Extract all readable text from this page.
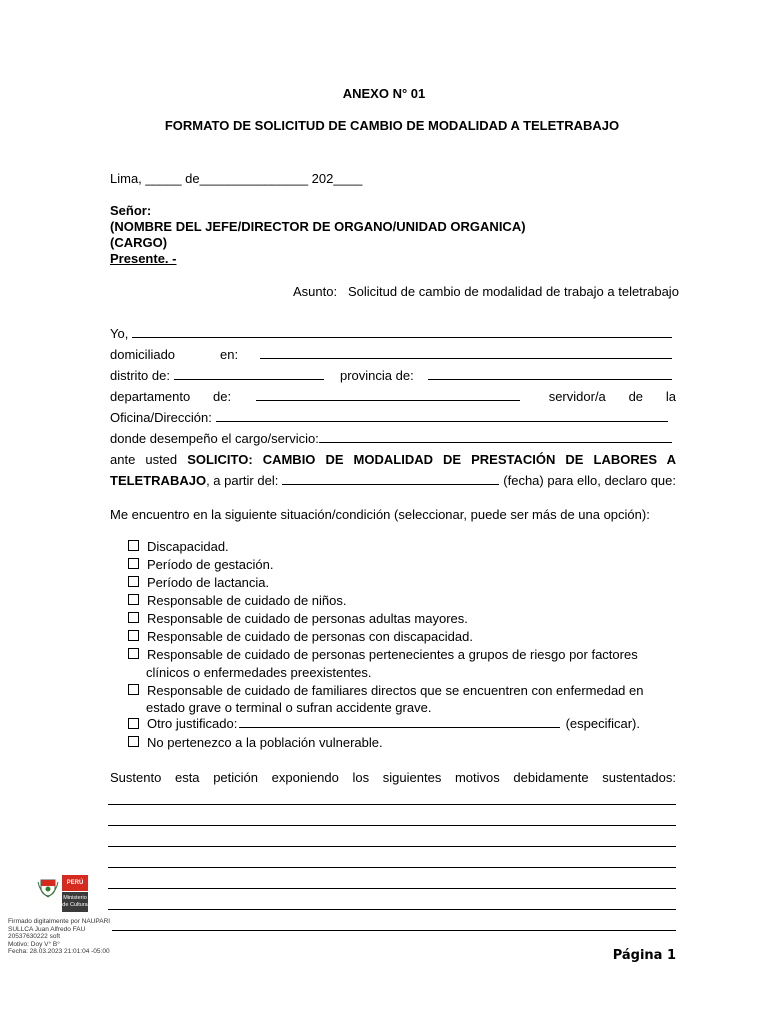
ANEXO N° 01
FORMATO DE SOLICITUD DE CAMBIO DE MODALIDAD A TELETRABAJO
Lima, _____ de_______________ 202____
Señor:
(NOMBRE DEL JEFE/DIRECTOR DE ORGANO/UNIDAD ORGANICA)
(CARGO)
Presente. -
Asunto: Solicitud de cambio de modalidad de trabajo a teletrabajo
Yo,
domiciliado	en:
distrito de:	provincia de:
departamento de:	servidor/a de la
Oficina/Dirección:
donde desempeño el cargo/servicio:
ante usted SOLICITO: CAMBIO DE MODALIDAD DE PRESTACIÓN DE LABORES A
TELETRABAJO, a partir del:	(fecha) para ello, declaro que:
Me encuentro en la siguiente situación/condición (seleccionar, puede ser más de una opción):
Discapacidad.
Período de gestación.
Período de lactancia.
Responsable de cuidado de niños.
Responsable de cuidado de personas adultas mayores.
Responsable de cuidado de personas con discapacidad.
Responsable de cuidado de personas pertenecientes a grupos de riesgo por factores
clínicos o enfermedades preexistentes.
Responsable de cuidado de familiares directos que se encuentren con enfermedad en
estado grave o terminal o sufran accidente grave.
Otro justificado:	(especificar).
No pertenezco a la población vulnerable.
Sustento esta petición exponiendo los siguientes motivos debidamente sustentados:
PERÚ
Ministerio de Cultura
Firmado digitalmente por NAUPARI
SULLCA Juan Alfredo FAU
20537630222 soft
Motivo: Doy V° B°
Fecha: 28.03.2023 21:01:04 -05:00	Página 1
